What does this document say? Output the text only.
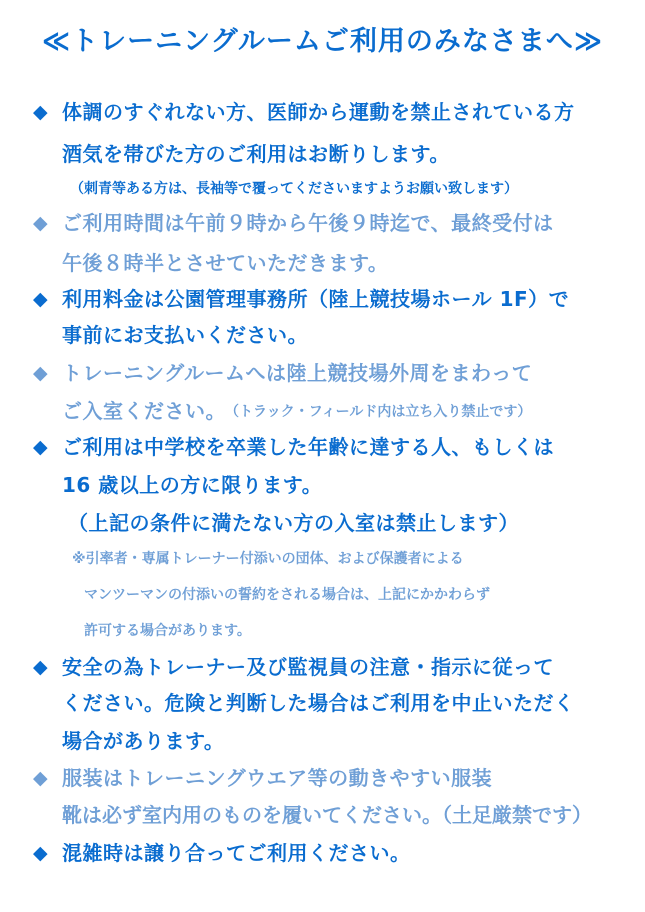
≪トレーニングルームご利用のみなさまへ≫
◆ 体調のすぐれない方、医師から運動を禁止されている方
酒気を帯びた方のご利用はお断りします。
（刺青等ある方は、長袖等で覆ってくださいますようお願い致します）
◆ ご利用時間は午前９時から午後９時迄で、最終受付は
午後８時半とさせていただきます。
◆ 利用料金は公園管理事務所（陸上競技場ホール 1F）で
事前にお支払いください。
◆ トレーニングルームへは陸上競技場外周をまわって
ご入室ください。 （トラック・フィールド内は立ち入り禁止です）
◆ ご利用は中学校を卒業した年齢に達する人、もしくは
16 歳以上の方に限ります。
（上記の条件に満たない方の入室は禁止します）
※引率者・専属トレーナー付添いの団体、および保護者による
マンツーマンの付添いの誓約をされる場合は、上記にかかわらず
許可する場合があります。
◆ 安全の為トレーナー及び監視員の注意・指示に従って
ください。危険と判断した場合はご利用を中止いただく
場合があります。
◆ 服装はトレーニングウエア等の動きやすい服装
靴は必ず室内用のものを履いてください。（土足厳禁です）
◆ 混雑時は譲り合ってご利用ください。
